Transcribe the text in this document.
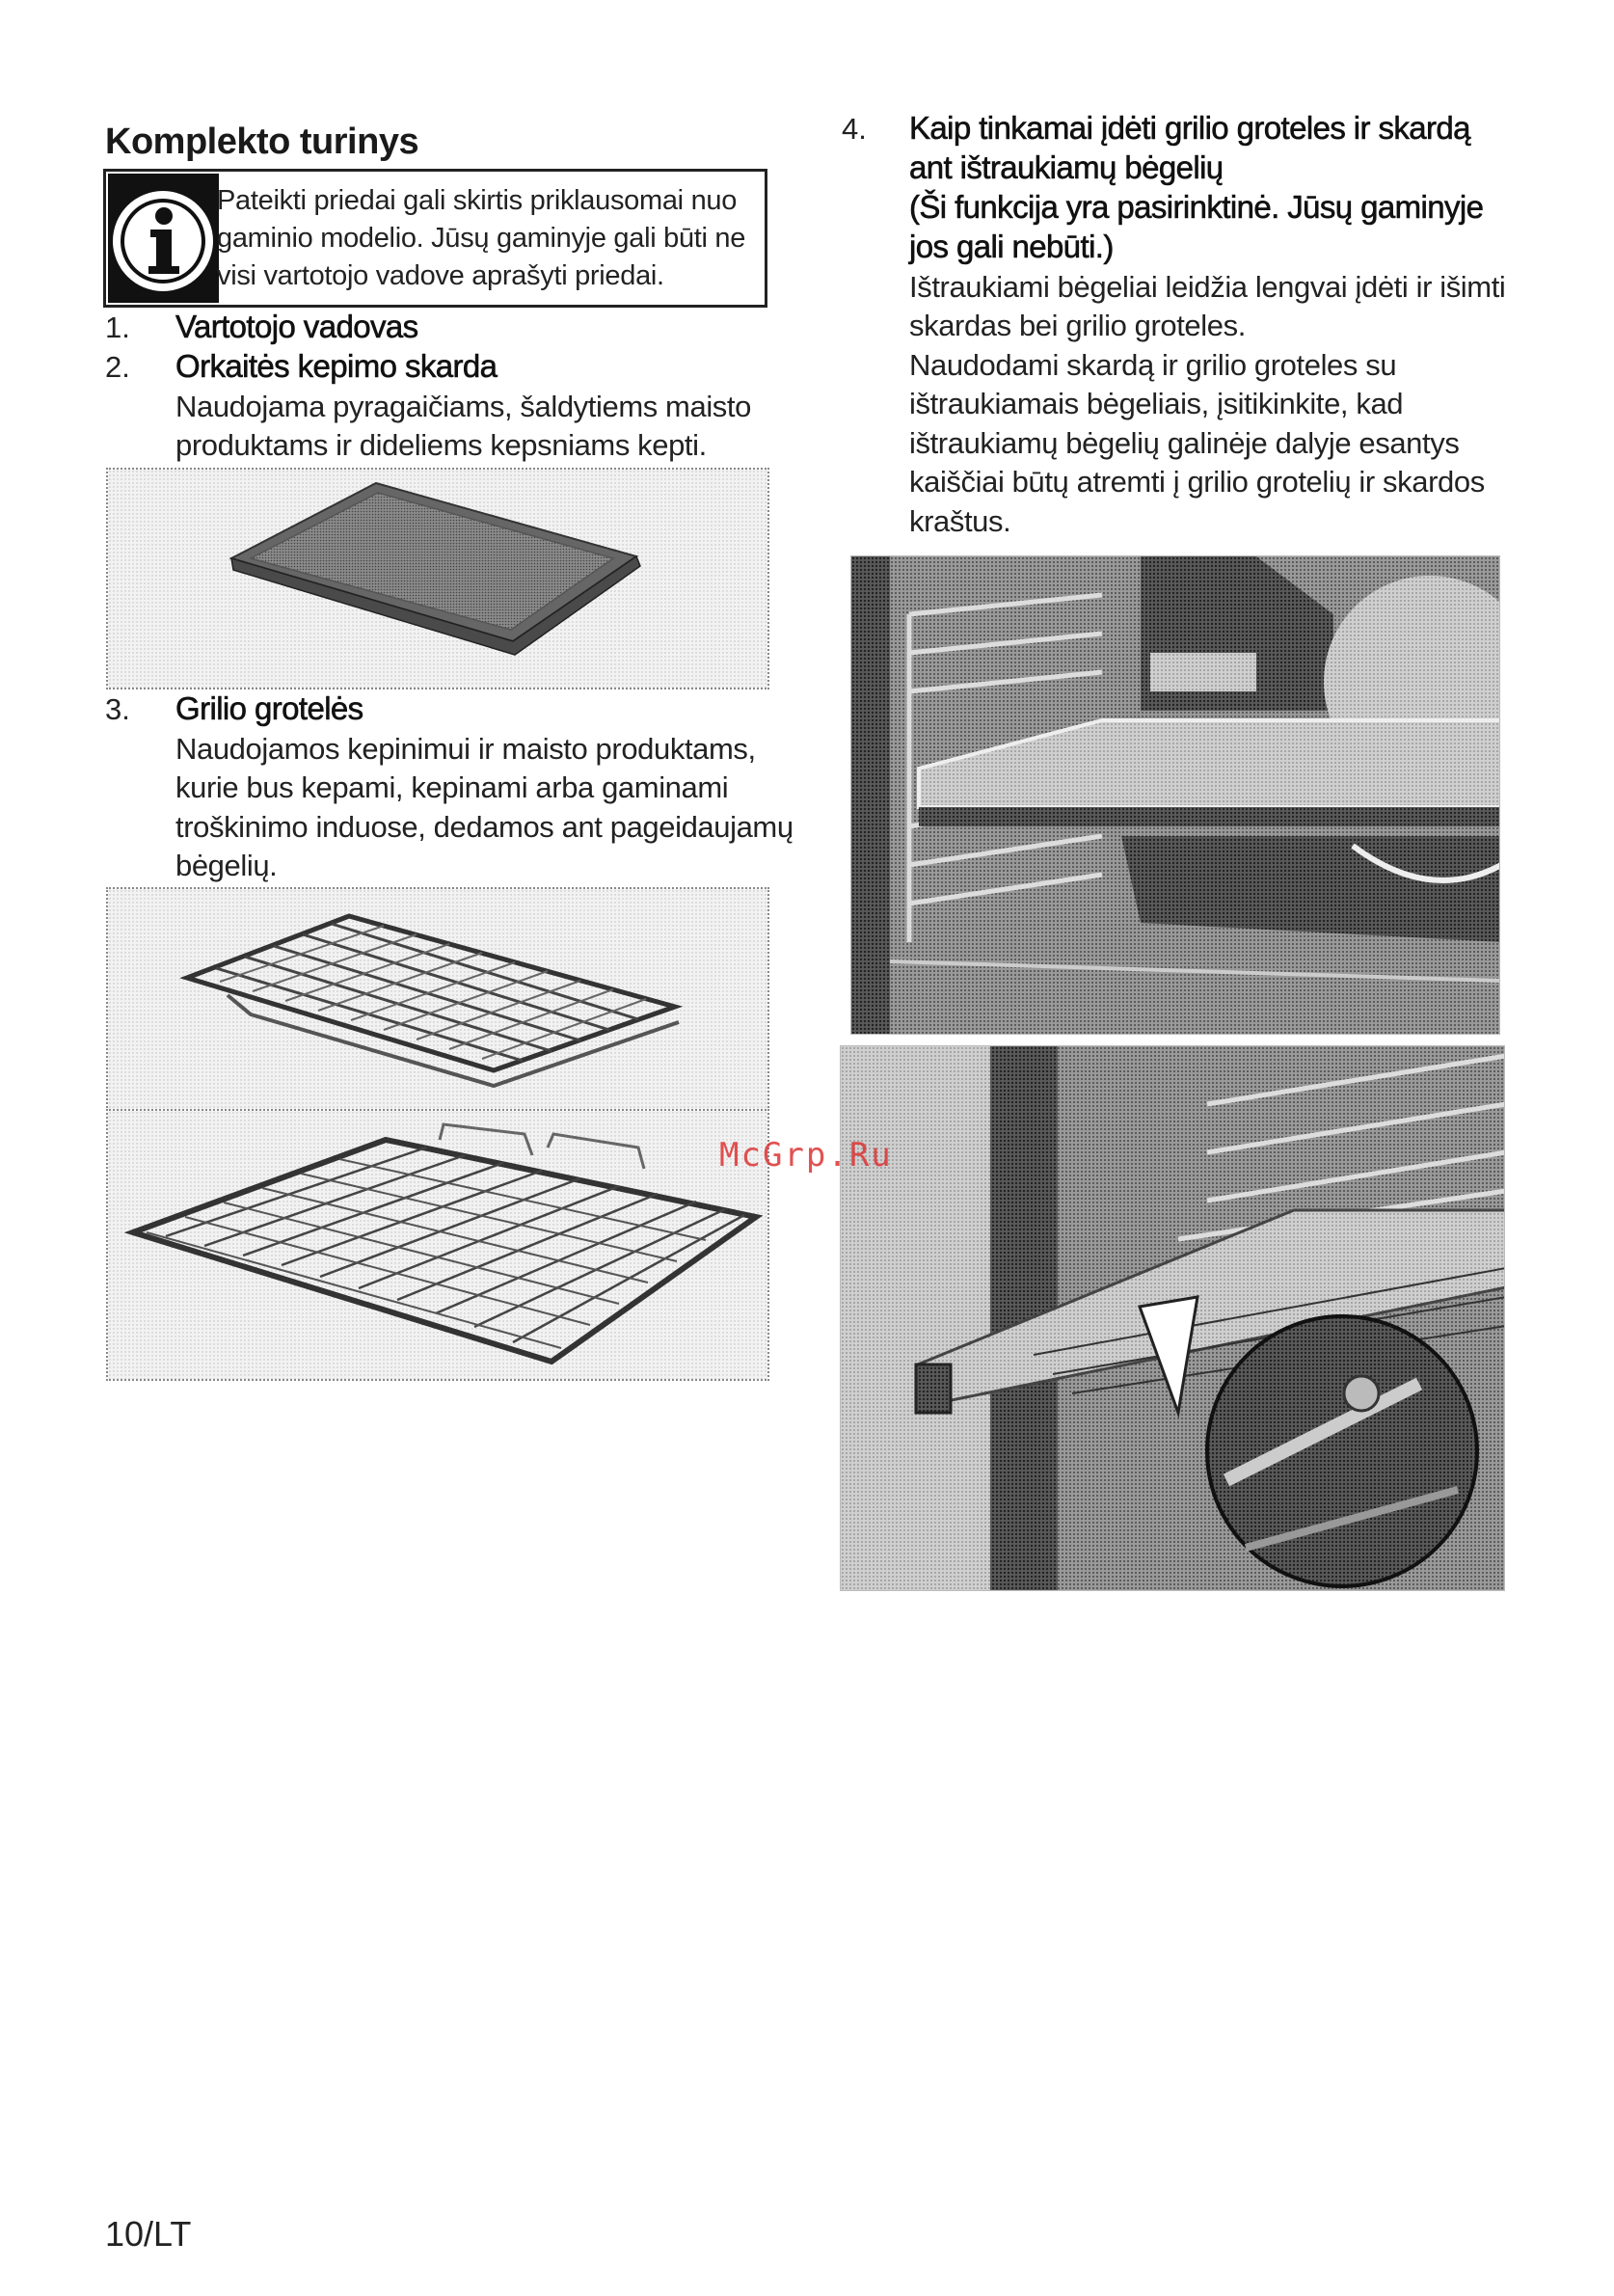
Komplekto turinys
Pateikti priedai gali skirtis priklausomai nuo
gaminio modelio. Jūsų gaminyje gali būti ne
visi vartotojo vadove aprašyti priedai.
1. Vartotojo vadovas
2. Orkaitės kepimo skarda
Naudojama pyragaičiams, šaldytiems maisto
produktams ir dideliems kepsniams kepti.
3. Grilio grotelės
Naudojamos kepinimui ir maisto produktams,
kurie bus kepami, kepinami arba gaminami
troškinimo induose, dedamos ant pageidaujamų
bėgelių.
4. Kaip tinkamai įdėti grilio groteles ir skardą
ant ištraukiamų bėgelių
(Ši funkcija yra pasirinktinė. Jūsų gaminyje
jos gali nebūti.)
Ištraukiami bėgeliai leidžia lengvai įdėti ir išimti
skardas bei grilio groteles.
Naudodami skardą ir grilio groteles su
ištraukiamais bėgeliais, įsitikinkite, kad
ištraukiamų bėgelių galinėje dalyje esantys
kaiščiai būtų atremti į grilio grotelių ir skardos
kraštus.
McGrp.Ru
10/LT
